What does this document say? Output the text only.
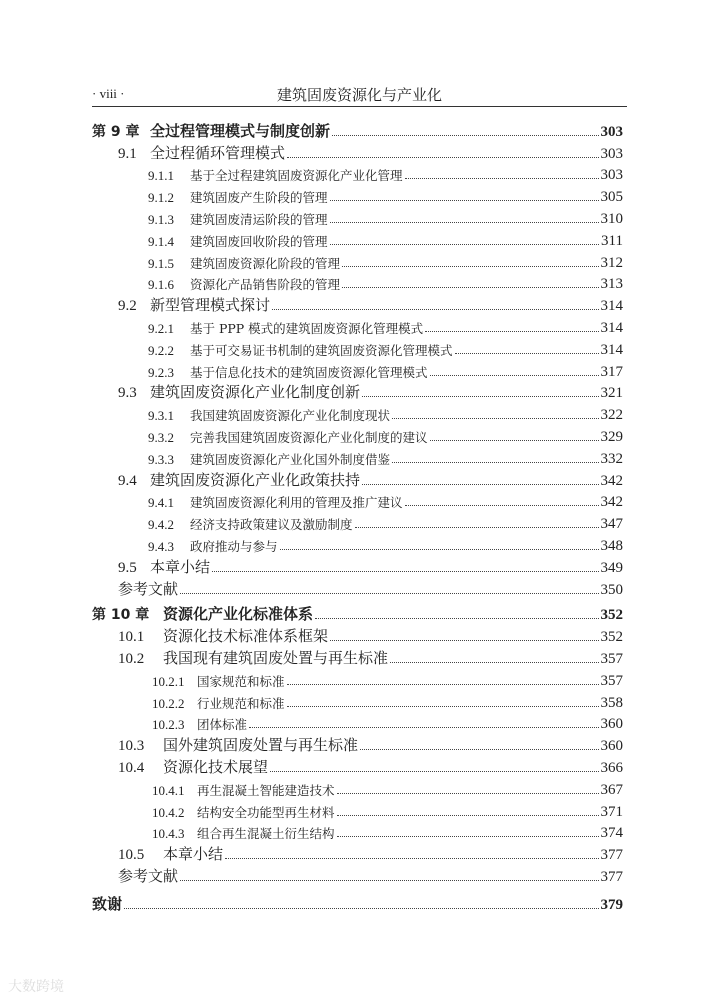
建筑固废资源化与产业化
· viii ·
第 9 章 全过程管理模式与制度创新	303
9.1 全过程循环管理模式	303
9.1.1	基于全过程建筑固废资源化产业化管理	303
9.1.2	建筑固废产生阶段的管理	305
9.1.3	建筑固废清运阶段的管理	310
9.1.4	建筑固废回收阶段的管理	311
9.1.5	建筑固废资源化阶段的管理	312
9.1.6	资源化产品销售阶段的管理	313
9.2 新型管理模式探讨	314
9.2.1	基于 PPP 模式的建筑固废资源化管理模式	314
9.2.2	基于可交易证书机制的建筑固废资源化管理模式	314
9.2.3	基于信息化技术的建筑固废资源化管理模式	317
9.3 建筑固废资源化产业化制度创新	321
9.3.1	我国建筑固废资源化产业化制度现状	322
9.3.2	完善我国建筑固废资源化产业化制度的建议	329
9.3.3	建筑固废资源化产业化国外制度借鉴	332
9.4 建筑固废资源化产业化政策扶持	342
9.4.1	建筑固废资源化利用的管理及推广建议	342
9.4.2	经济支持政策建议及激励制度	347
9.4.3	政府推动与参与	348
9.5 本章小结	349
参考文献	350
第 10 章 资源化产业化标准体系	352
10.1	资源化技术标准体系框架	352
10.2	我国现有建筑固废处置与再生标准	357
10.2.1	国家规范和标准	357
10.2.2	行业规范和标准	358
10.2.3	团体标准	360
10.3	国外建筑固废处置与再生标准	360
10.4	资源化技术展望	366
10.4.1	再生混凝土智能建造技术	367
10.4.2	结构安全功能型再生材料	371
10.4.3	组合再生混凝土衍生结构	374
10.5	本章小结	377
参考文献	377
致谢	379
大数跨境
